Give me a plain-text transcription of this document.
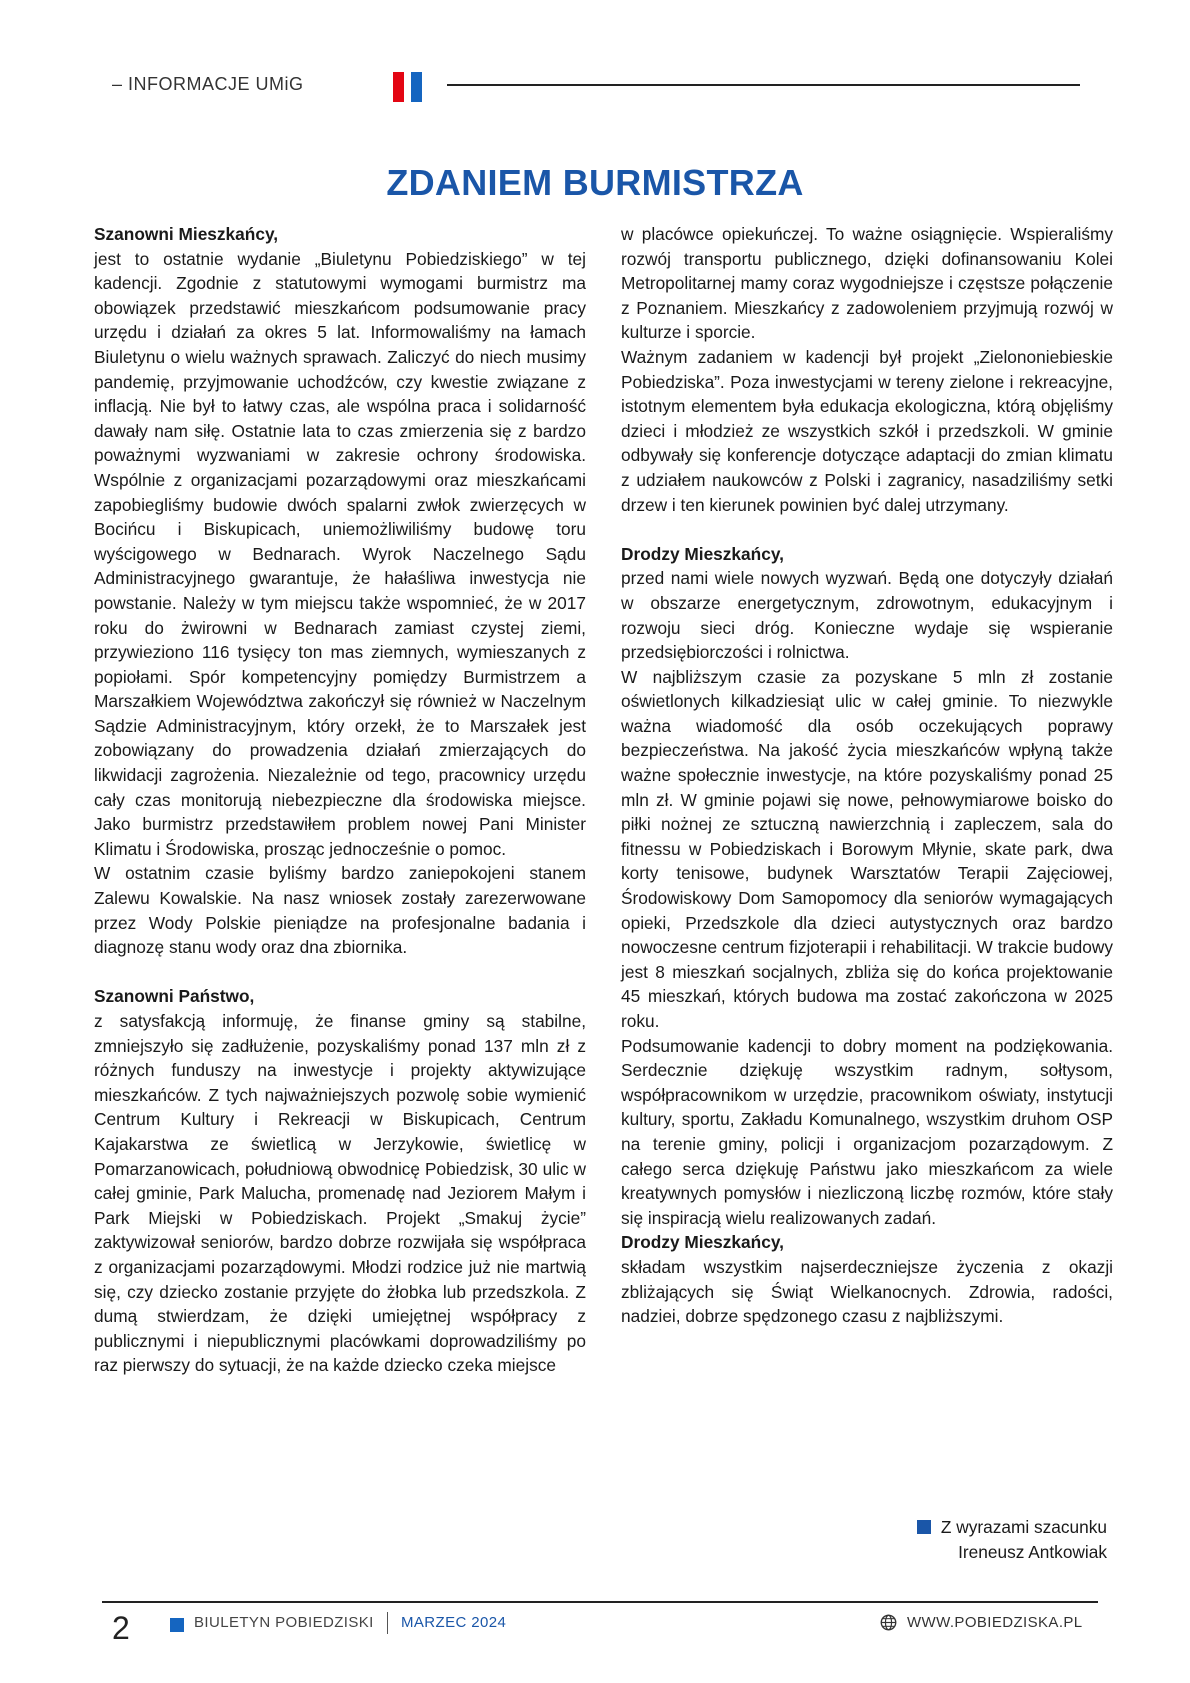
– INFORMACJE UMiG
ZDANIEM BURMISTRZA

Szanowni Mieszkańcy,

jest to ostatnie wydanie „Biuletynu Pobiedziskiego” w tej kadencji. Zgodnie z statutowymi wymogami burmistrz ma obowiązek przedstawić mieszkańcom podsumowanie pracy urzędu i działań za okres 5 lat. Informowaliśmy na łamach Biuletynu o wielu ważnych sprawach. Zaliczyć do niech musimy pandemię, przyjmowanie uchodźców, czy kwestie związane z inflacją. Nie był to łatwy czas, ale wspólna praca i solidarność dawały nam siłę. Ostatnie lata to czas zmierzenia się z bardzo poważnymi wyzwaniami w zakresie ochrony środowiska. Wspólnie z organizacjami pozarządowymi oraz mieszkańcami zapobiegliśmy budowie dwóch spalarni zwłok zwierzęcych w Bocińcu i Biskupicach, uniemożliwiliśmy budowę toru wyścigowego w Bednarach. Wyrok Naczelnego Sądu Administracyjnego gwarantuje, że hałaśliwa inwestycja nie powstanie. Należy w tym miejscu także wspomnieć, że w 2017 roku do żwirowni w Bednarach zamiast czystej ziemi, przywieziono 116 tysięcy ton mas ziemnych, wymieszanych z popiołami. Spór kompetencyjny pomiędzy Burmistrzem a Marszałkiem Województwa zakończył się również w Naczelnym Sądzie Administracyjnym, który orzekł, że to Marszałek jest zobowiązany do prowadzenia działań zmierzających do likwidacji zagrożenia. Niezależnie od tego, pracownicy urzędu cały czas monitorują niebezpieczne dla środowiska miejsce. Jako burmistrz przedstawiłem problem nowej Pani Minister Klimatu i Środowiska, prosząc jednocześnie o pomoc.

W ostatnim czasie byliśmy bardzo zaniepokojeni stanem Zalewu Kowalskie. Na nasz wniosek zostały zarezerwowane przez Wody Polskie pieniądze na profesjonalne badania i diagnozę stanu wody oraz dna zbiornika.

Szanowni Państwo,

z satysfakcją informuję, że finanse gminy są stabilne, zmniejszyło się zadłużenie, pozyskaliśmy ponad 137 mln zł z różnych funduszy na inwestycje i projekty aktywizujące mieszkańców. Z tych najważniejszych pozwolę sobie wymienić Centrum Kultury i Rekreacji w Biskupicach, Centrum Kajakarstwa ze świetlicą w Jerzykowie, świetlicę w Pomarzanowicach, południową obwodnicę Pobiedzisk, 30 ulic w całej gminie, Park Malucha, promenadę nad Jeziorem Małym i Park Miejski w Pobiedziskach. Projekt „Smakuj życie” zaktywizował seniorów, bardzo dobrze rozwijała się współpraca z organizacjami pozarządowymi. Młodzi rodzice już nie martwią się, czy dziecko zostanie przyjęte do żłobka lub przedszkola. Z dumą stwierdzam, że dzięki umiejętnej współpracy z publicznymi i niepublicznymi placówkami doprowadziliśmy po raz pierwszy do sytuacji, że na każde dziecko czeka miejsce

w placówce opiekuńczej. To ważne osiągnięcie. Wspieraliśmy rozwój transportu publicznego, dzięki dofinansowaniu Kolei Metropolitarnej mamy coraz wygodniejsze i częstsze połączenie z Poznaniem. Mieszkańcy z zadowoleniem przyjmują rozwój w kulturze i sporcie.

Ważnym zadaniem w kadencji był projekt „Zielononiebieskie Pobiedziska”. Poza inwestycjami w tereny zielone i rekreacyjne, istotnym elementem była edukacja ekologiczna, którą objęliśmy dzieci i młodzież ze wszystkich szkół i przedszkoli. W gminie odbywały się konferencje dotyczące adaptacji do zmian klimatu z udziałem naukowców z Polski i zagranicy, nasadziliśmy setki drzew i ten kierunek powinien być dalej utrzymany.

Drodzy Mieszkańcy,

przed nami wiele nowych wyzwań. Będą one dotyczyły działań w obszarze energetycznym, zdrowotnym, edukacyjnym i rozwoju sieci dróg. Konieczne wydaje się wspieranie przedsiębiorczości i rolnictwa.

W najbliższym czasie za pozyskane 5 mln zł zostanie oświetlonych kilkadziesiąt ulic w całej gminie. To niezwykle ważna wiadomość dla osób oczekujących poprawy bezpieczeństwa. Na jakość życia mieszkańców wpłyną także ważne społecznie inwestycje, na które pozyskaliśmy ponad 25 mln zł. W gminie pojawi się nowe, pełnowymiarowe boisko do piłki nożnej ze sztuczną nawierzchnią i zapleczem, sala do fitnessu w Pobiedziskach i Borowym Młynie, skate park, dwa korty tenisowe, budynek Warsztatów Terapii Zajęciowej, Środowiskowy Dom Samopomocy dla seniorów wymagających opieki, Przedszkole dla dzieci autystycznych oraz bardzo nowoczesne centrum fizjoterapii i rehabilitacji. W trakcie budowy jest 8 mieszkań socjalnych, zbliża się do końca projektowanie 45 mieszkań, których budowa ma zostać zakończona w 2025 roku.

Podsumowanie kadencji to dobry moment na podziękowania. Serdecznie dziękuję wszystkim radnym, sołtysom, współpracownikom w urzędzie, pracownikom oświaty, instytucji kultury, sportu, Zakładu Komunalnego, wszystkim druhom OSP na terenie gminy, policji i organizacjom pozarządowym. Z całego serca dziękuję Państwu jako mieszkańcom za wiele kreatywnych pomysłów i niezliczoną liczbę rozmów, które stały się inspiracją wielu realizowanych zadań.

Drodzy Mieszkańcy,

składam wszystkim najserdeczniejsze życzenia z okazji zbliżających się Świąt Wielkanocnych. Zdrowia, radości, nadziei, dobrze spędzonego czasu z najbliższymi.

Z wyrazami szacunku
Ireneusz Antkowiak
2	BIULETYN POBIEDZISKI MARZEC 2024	WWW.POBIEDZISKA.PL
